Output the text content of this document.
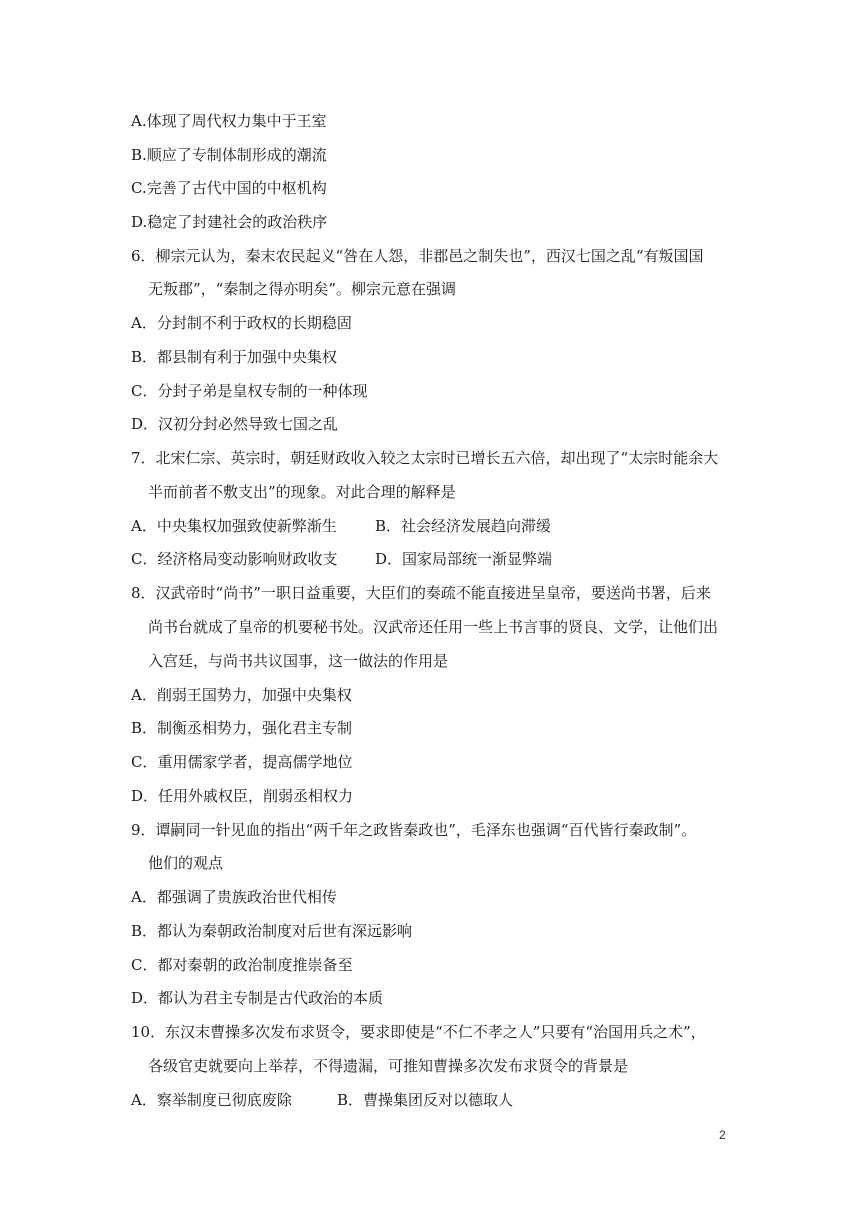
A.体现了周代权力集中于王室
B.顺应了专制体制形成的潮流
C.完善了古代中国的中枢机构
D.稳定了封建社会的政治秩序
6．柳宗元认为，秦末农民起义“咎在人怨，非郡邑之制失也”，西汉七国之乱“有叛国国
无叛郡”，“秦制之得亦明矣”。柳宗元意在强调
A．分封制不利于政权的长期稳固
B．都县制有利于加强中央集权
C．分封子弟是皇权专制的一种体现
D．汉初分封必然导致七国之乱
7．北宋仁宗、英宗时，朝廷财政收入较之太宗时已增长五六倍，却出现了“太宗时能余大
半而前者不敷支出”的现象。对此合理的解释是
A．中央集权加强致使新弊渐生	B．社会经济发展趋向滞缓
C．经济格局变动影响财政收支	D．国家局部统一渐显弊端
8．汉武帝时“尚书”一职日益重要，大臣们的奏疏不能直接进呈皇帝，要送尚书署，后来
尚书台就成了皇帝的机要秘书处。汉武帝还任用一些上书言事的贤良、文学，让他们出
入宫廷，与尚书共议国事，这一做法的作用是
A．削弱王国势力，加强中央集权
B．制衡丞相势力，强化君主专制
C．重用儒家学者，提高儒学地位
D．任用外戚权臣，削弱丞相权力
9．谭嗣同一针见血的指出“两千年之政皆秦政也”，毛泽东也强调“百代皆行秦政制”。
他们的观点
A．都强调了贵族政治世代相传
B．都认为秦朝政治制度对后世有深远影响
C．都对秦朝的政治制度推崇备至
D．都认为君主专制是古代政治的本质
10．东汉末曹操多次发布求贤令，要求即使是“不仁不孝之人”只要有“治国用兵之术”，
各级官吏就要向上举荐，不得遗漏，可推知曹操多次发布求贤令的背景是
A．察举制度已彻底废除	B．曹操集团反对以德取人
2
